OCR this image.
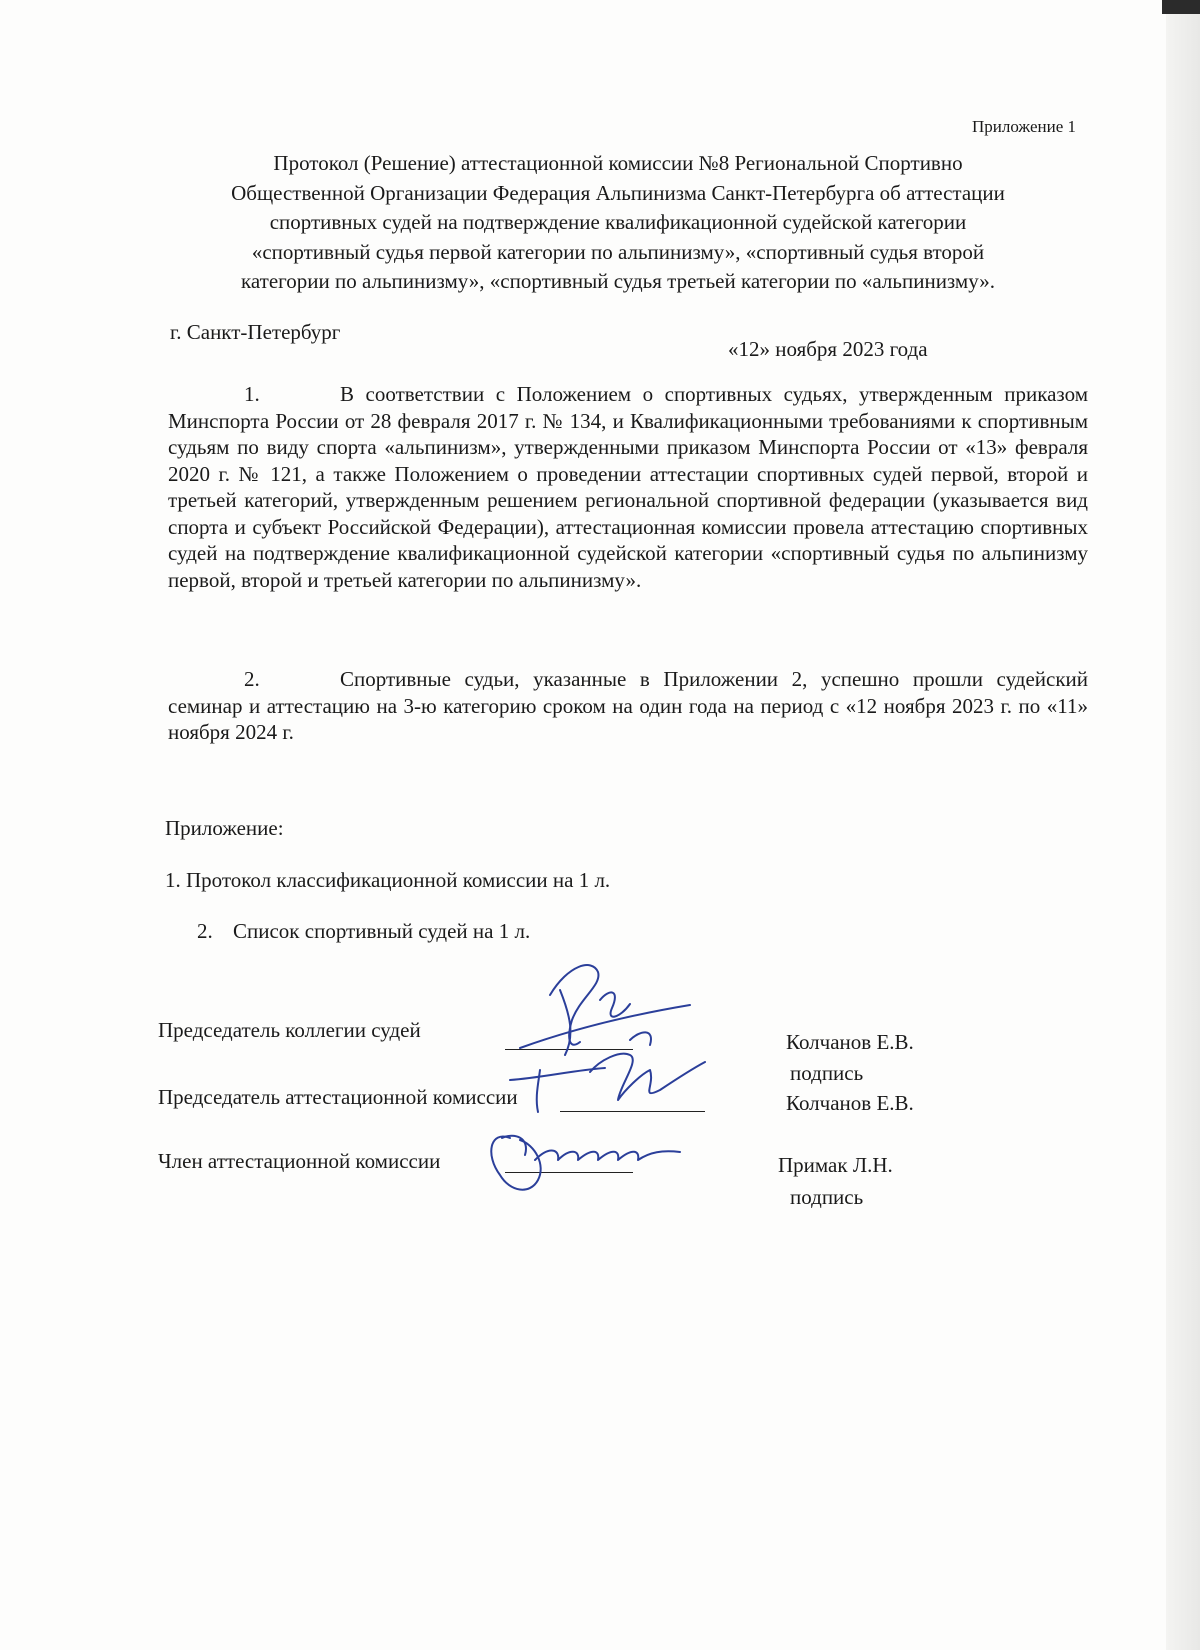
Приложение 1
Протокол (Решение) аттестационной комиссии №8 Региональной Спортивно
Общественной Организации Федерация Альпинизма Санкт-Петербурга об аттестации
спортивных судей на подтверждение квалификационной судейской категории
«спортивный судья первой категории по альпинизму», «спортивный судья второй
категории по альпинизму», «спортивный судья третьей категории по «альпинизму».
г. Санкт-Петербург
«12» ноября 2023 года
1.	В соответствии с Положением о спортивных судьях, утвержденным приказом Минспорта России от 28 февраля 2017 г. № 134, и Квалификационными требованиями к спортивным судьям по виду спорта «альпинизм», утвержденными приказом Минспорта России от «13» февраля 2020 г. № 121, а также Положением о проведении аттестации спортивных судей первой, второй и третьей категорий, утвержденным решением региональной спортивной федерации (указывается вид спорта и субъект Российской Федерации), аттестационная комиссии провела аттестацию спортивных судей на подтверждение квалификационной судейской категории «спортивный судья по альпинизму первой, второй и третьей категории по альпинизму».
2.	Спортивные судьи, указанные в Приложении 2, успешно прошли судейский семинар и аттестацию на 3-ю категорию сроком на один года на период с «12 ноября 2023 г. по «11» ноября 2024 г.
Приложение:
1. Протокол классификационной комиссии на 1 л.
2. Список спортивный судей на 1 л.
Председатель коллегии судей	Колчанов Е.В.
подпись
Председатель аттестационной комиссии	Колчанов Е.В.
Член аттестационной комиссии	Примак Л.Н.
подпись
